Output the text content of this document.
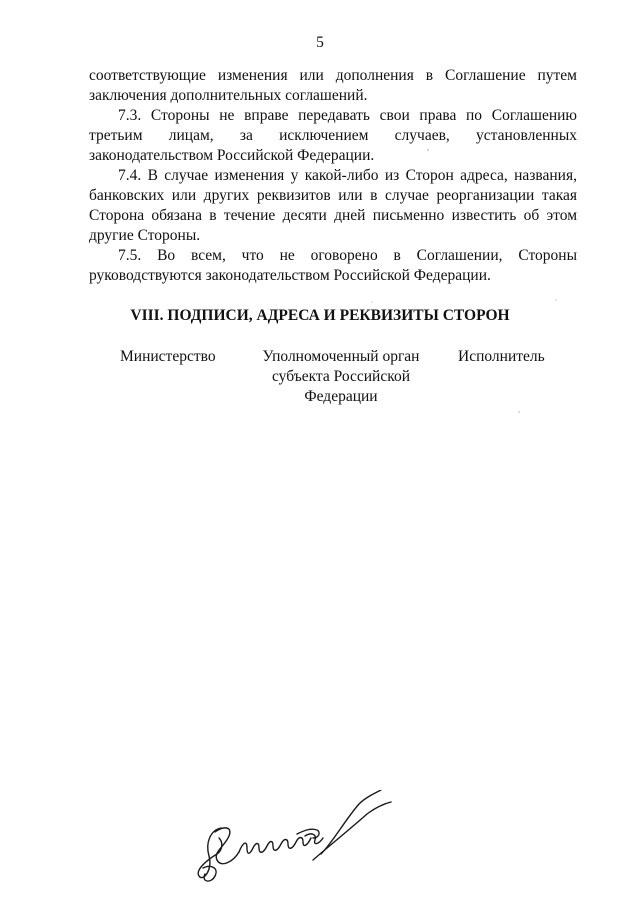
5
соответствующие изменения или дополнения в Соглашение путем
заключения дополнительных соглашений.
7.3. Стороны не вправе передавать свои права по Соглашению
третьим лицам, за исключением случаев, установленных
законодательством Российской Федерации.
7.4. В случае изменения у какой-либо из Сторон адреса, названия,
банковских или других реквизитов или в случае реорганизации такая
Сторона обязана в течение десяти дней письменно известить об этом
другие Стороны.
7.5. Во всем, что не оговорено в Соглашении, Стороны
руководствуются законодательством Российской Федерации.
VIII. ПОДПИСИ, АДРЕСА И РЕКВИЗИТЫ СТОРОН
Министерство	Уполномоченный орган
субъекта Российской
Федерации
Исполнитель
